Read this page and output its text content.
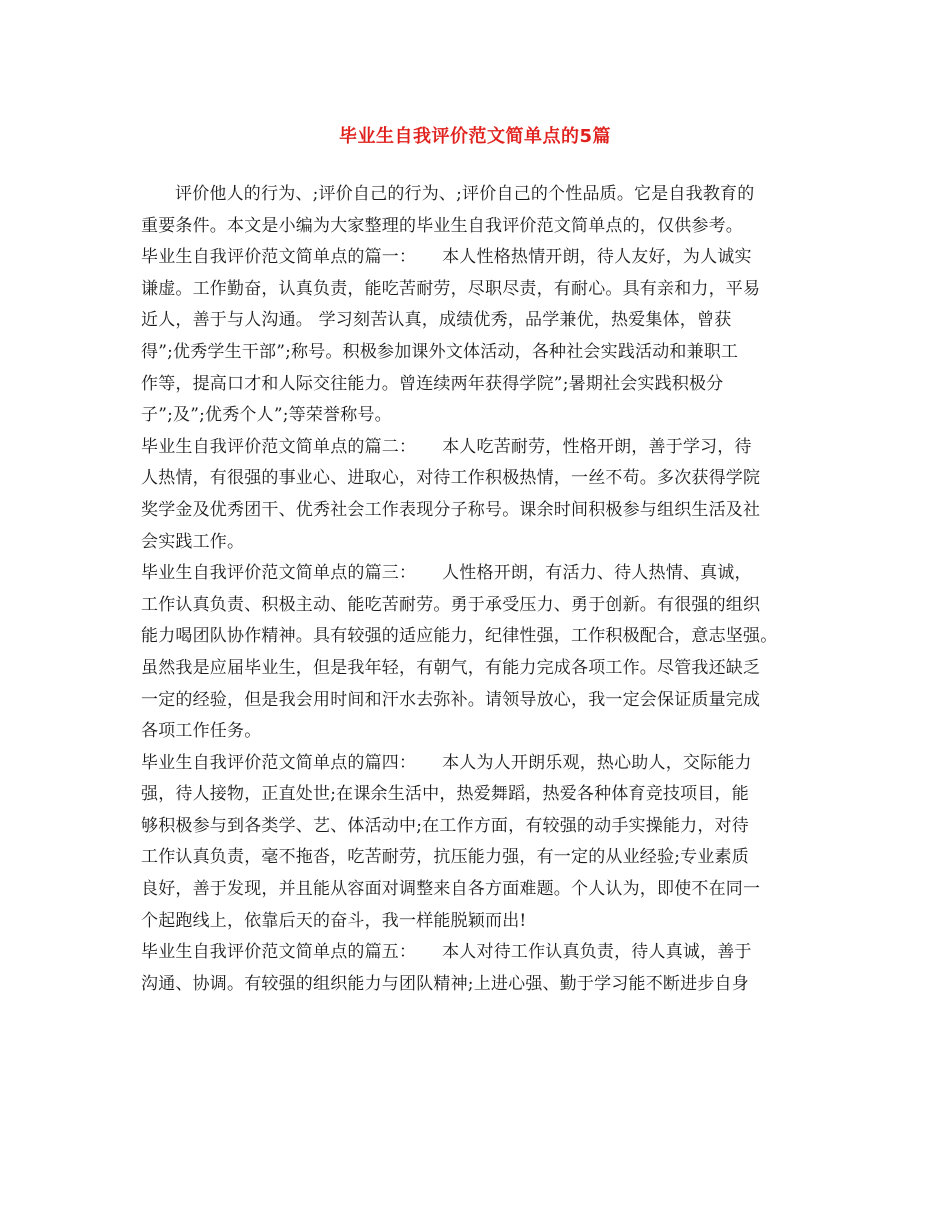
毕业生自我评价范文简单点的5篇
评价他人的行为、;评价自己的行为、;评价自己的个性品质。它是自我教育的
重要条件。本文是小编为大家整理的毕业生自我评价范文简单点的，仅供参考。
毕业生自我评价范文简单点的篇一：　　本人性格热情开朗，待人友好，为人诚实
谦虚。工作勤奋，认真负责，能吃苦耐劳，尽职尽责，有耐心。具有亲和力，平易
近人，善于与人沟通。 学习刻苦认真，成绩优秀，品学兼优，热爱集体，曾获
得”;优秀学生干部”;称号。积极参加课外文体活动，各种社会实践活动和兼职工
作等，提高口才和人际交往能力。曾连续两年获得学院”;暑期社会实践积极分
子”;及”;优秀个人”;等荣誉称号。
毕业生自我评价范文简单点的篇二：　　本人吃苦耐劳，性格开朗，善于学习，待
人热情，有很强的事业心、进取心，对待工作积极热情，一丝不苟。多次获得学院
奖学金及优秀团干、优秀社会工作表现分子称号。课余时间积极参与组织生活及社
会实践工作。
毕业生自我评价范文简单点的篇三：　　人性格开朗，有活力、待人热情、真诚，
工作认真负责、积极主动、能吃苦耐劳。勇于承受压力、勇于创新。有很强的组织
能力喝团队协作精神。具有较强的适应能力，纪律性强，工作积极配合，意志坚强。
虽然我是应届毕业生，但是我年轻，有朝气，有能力完成各项工作。尽管我还缺乏
一定的经验，但是我会用时间和汗水去弥补。请领导放心，我一定会保证质量完成
各项工作任务。
毕业生自我评价范文简单点的篇四：　　本人为人开朗乐观，热心助人，交际能力
强，待人接物，正直处世;在课余生活中，热爱舞蹈，热爱各种体育竞技项目，能
够积极参与到各类学、艺、体活动中;在工作方面，有较强的动手实操能力，对待
工作认真负责，毫不拖沓，吃苦耐劳，抗压能力强，有一定的从业经验;专业素质
良好，善于发现，并且能从容面对调整来自各方面难题。个人认为，即使不在同一
个起跑线上，依靠后天的奋斗，我一样能脱颖而出!
毕业生自我评价范文简单点的篇五：　　本人对待工作认真负责，待人真诚，善于
沟通、协调。有较强的组织能力与团队精神;上进心强、勤于学习能不断进步自身
